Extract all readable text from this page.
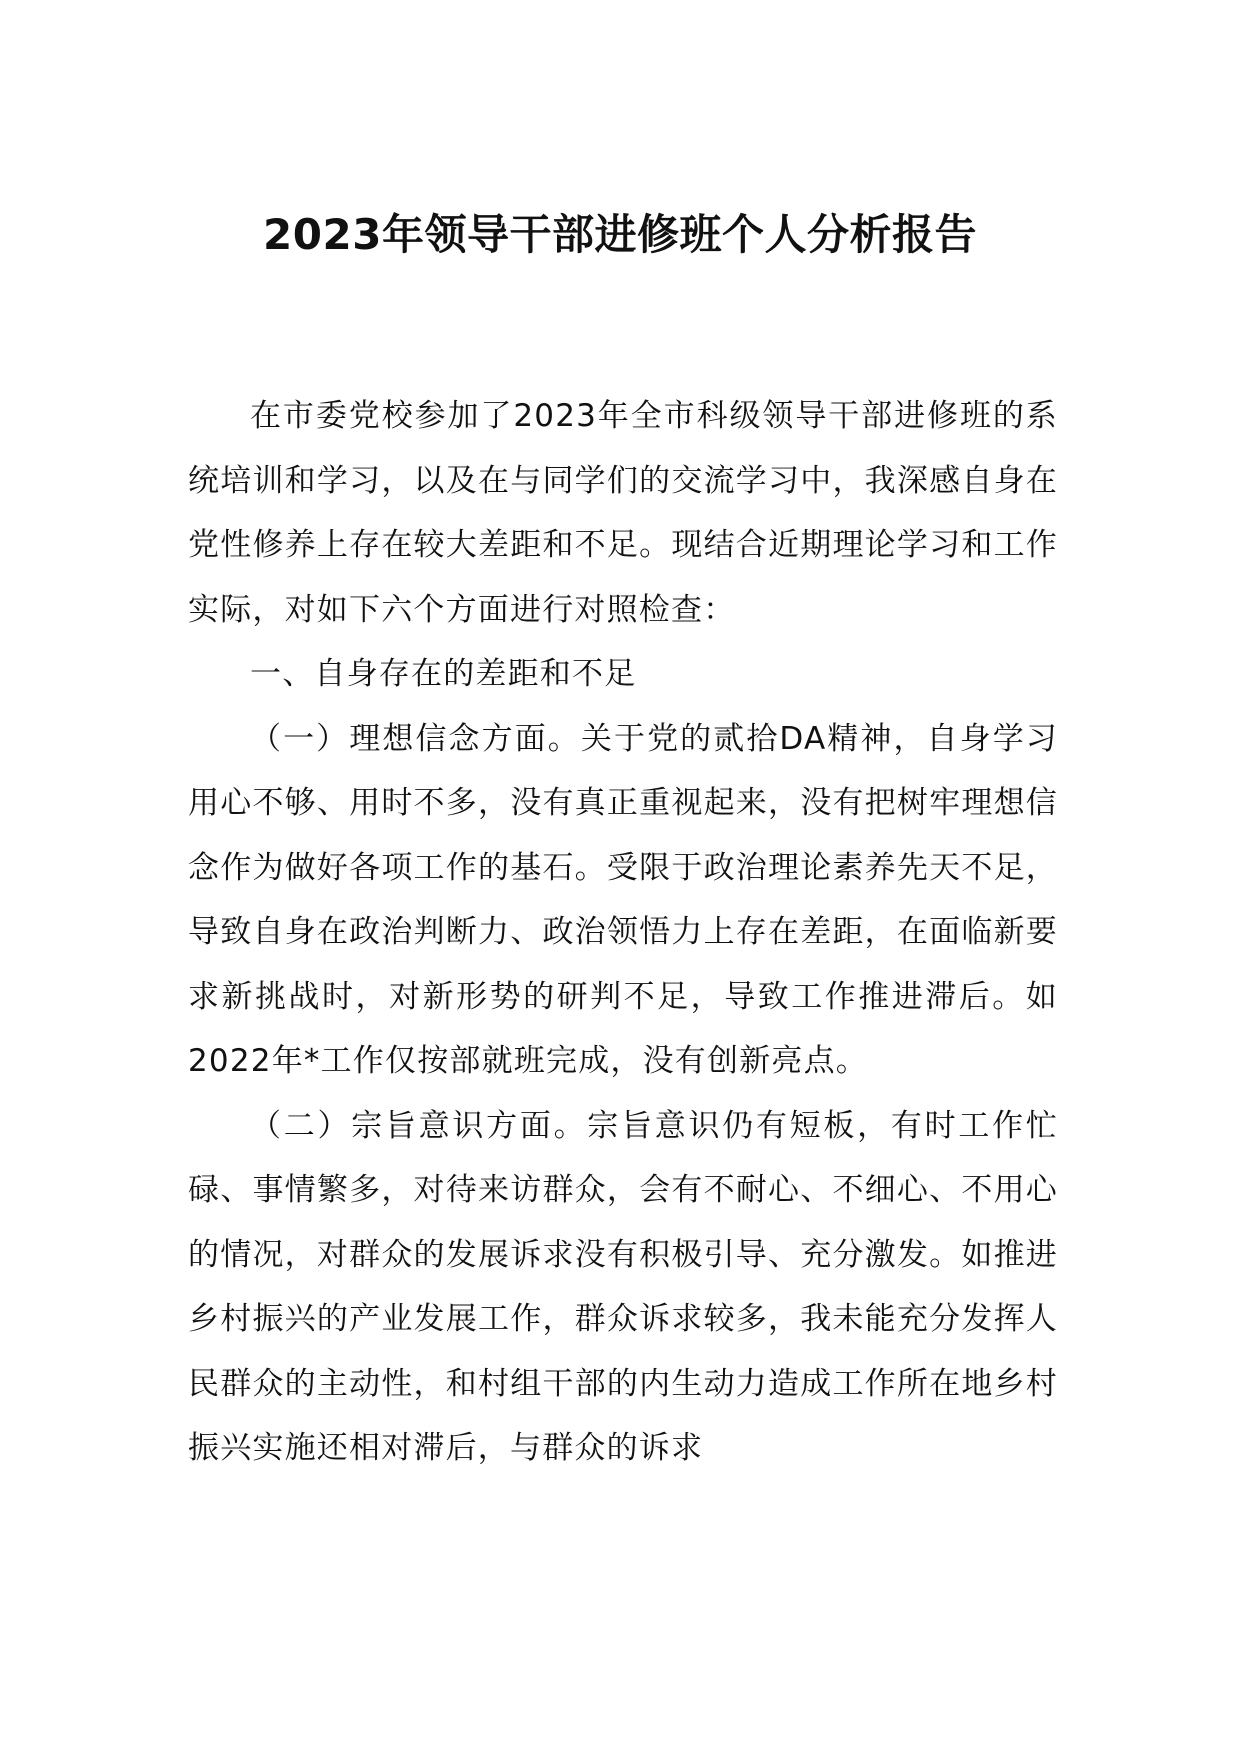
2023年领导干部进修班个人分析报告

在市委党校参加了2023年全市科级领导干部进修班的系统培训和学习，以及在与同学们的交流学习中，我深感自身在党性修养上存在较大差距和不足。现结合近期理论学习和工作实际，对如下六个方面进行对照检查：

一、自身存在的差距和不足

（一）理想信念方面。关于党的贰拾DA精神，自身学习用心不够、用时不多，没有真正重视起来，没有把树牢理想信念作为做好各项工作的基石。受限于政治理论素养先天不足，导致自身在政治判断力、政治领悟力上存在差距，在面临新要求新挑战时，对新形势的研判不足，导致工作推进滞后。如2022年*工作仅按部就班完成，没有创新亮点。

（二）宗旨意识方面。宗旨意识仍有短板，有时工作忙碌、事情繁多，对待来访群众，会有不耐心、不细心、不用心的情况，对群众的发展诉求没有积极引导、充分激发。如推进乡村振兴的产业发展工作，群众诉求较多，我未能充分发挥人民群众的主动性，和村组干部的内生动力造成工作所在地乡村振兴实施还相对滞后，与群众的诉求
